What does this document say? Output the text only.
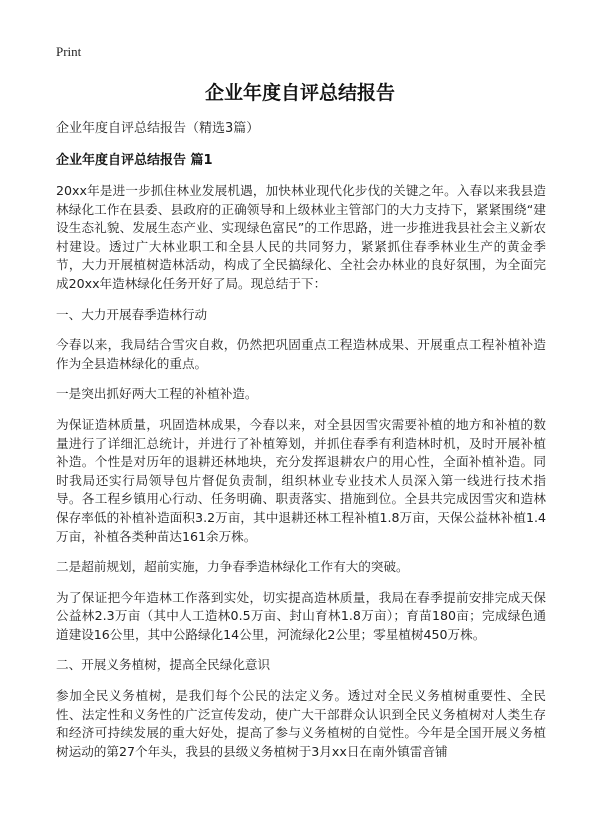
Print
企业年度自评总结报告

企业年度自评总结报告（精选3篇）

企业年度自评总结报告 篇1

20xx年是进一步抓住林业发展机遇，加快林业现代化步伐的关键之年。入春以来我县造林绿化工作在县委、县政府的正确领导和上级林业主管部门的大力支持下，紧紧围绕“建设生态礼貌、发展生态产业、实现绿色富民”的工作思路，进一步推进我县社会主义新农村建设。透过广大林业职工和全县人民的共同努力，紧紧抓住春季林业生产的黄金季节，大力开展植树造林活动，构成了全民搞绿化、全社会办林业的良好氛围，为全面完成20xx年造林绿化任务开好了局。现总结于下：

一、大力开展春季造林行动

今春以来，我局结合雪灾自救，仍然把巩固重点工程造林成果、开展重点工程补植补造作为全县造林绿化的重点。

一是突出抓好两大工程的补植补造。

为保证造林质量，巩固造林成果，今春以来，对全县因雪灾需要补植的地方和补植的数量进行了详细汇总统计，并进行了补植筹划，并抓住春季有利造林时机，及时开展补植补造。个性是对历年的退耕还林地块，充分发挥退耕农户的用心性，全面补植补造。同时我局还实行局领导包片督促负责制，组织林业专业技术人员深入第一线进行技术指导。各工程乡镇用心行动、任务明确、职责落实、措施到位。全县共完成因雪灾和造林保存率低的补植补造面积3.2万亩，其中退耕还林工程补植1.8万亩，天保公益林补植1.4万亩，补植各类种苗达161余万株。

二是超前规划，超前实施，力争春季造林绿化工作有大的突破。

为了保证把今年造林工作落到实处，切实提高造林质量，我局在春季提前安排完成天保公益林2.3万亩（其中人工造林0.5万亩、封山育林1.8万亩）；育苗180亩；完成绿色通道建设16公里，其中公路绿化14公里，河流绿化2公里；零星植树450万株。

二、开展义务植树，提高全民绿化意识

参加全民义务植树，是我们每个公民的法定义务。透过对全民义务植树重要性、全民性、法定性和义务性的广泛宣传发动，使广大干部群众认识到全民义务植树对人类生存和经济可持续发展的重大好处，提高了参与义务植树的自觉性。今年是全国开展义务植树运动的第27个年头，我县的县级义务植树于3月xx日在南外镇雷音铺
